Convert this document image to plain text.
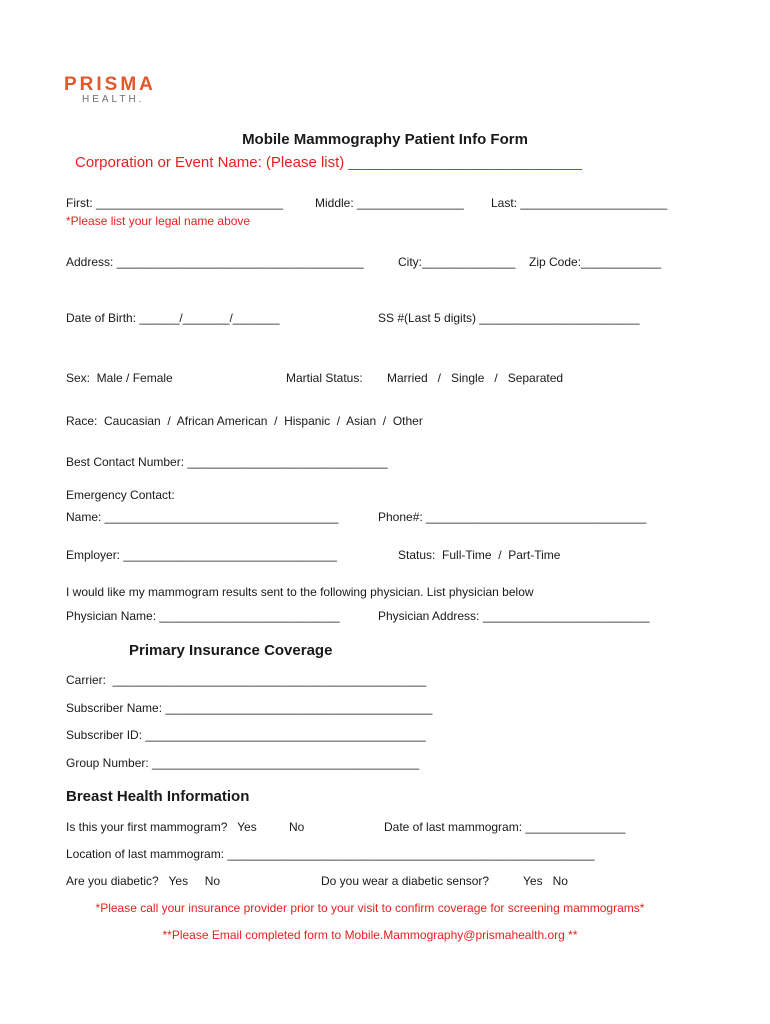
PRISMA
HEALTH.
Mobile Mammography Patient Info Form
Corporation or Event Name: (Please list) ____________________________
First: ____________________________	Middle: ________________ Last: ______________________
*Please list your legal name above
Address: _____________________________________	City:______________ Zip Code:____________
Date of Birth: ______/_______/_______	SS #(Last 5 digits) ________________________
Sex:  Male / Female	Martial Status: Married   /   Single   /   Separated
Race:  Caucasian  /  African American  /  Hispanic  /  Asian  /  Other
Best Contact Number: ______________________________
Emergency Contact:
Name: ___________________________________	Phone#: _________________________________
Employer: ________________________________	Status:  Full-Time  /  Part-Time
I would like my mammogram results sent to the following physician. List physician below
Physician Name: ___________________________	Physician Address: _________________________
Primary Insurance Coverage
Carrier:  _______________________________________________
Subscriber Name: ________________________________________
Subscriber ID: __________________________________________
Group Number: ________________________________________
Breast Health Information
Is this your first mammogram?   Yes	No	Date of last mammogram: _______________
Location of last mammogram: _______________________________________________________
Are you diabetic?   Yes     No	Do you wear a diabetic sensor?	Yes   No
*Please call your insurance provider prior to your visit to confirm coverage for screening mammograms*
**Please Email completed form to Mobile.Mammography@prismahealth.org **
